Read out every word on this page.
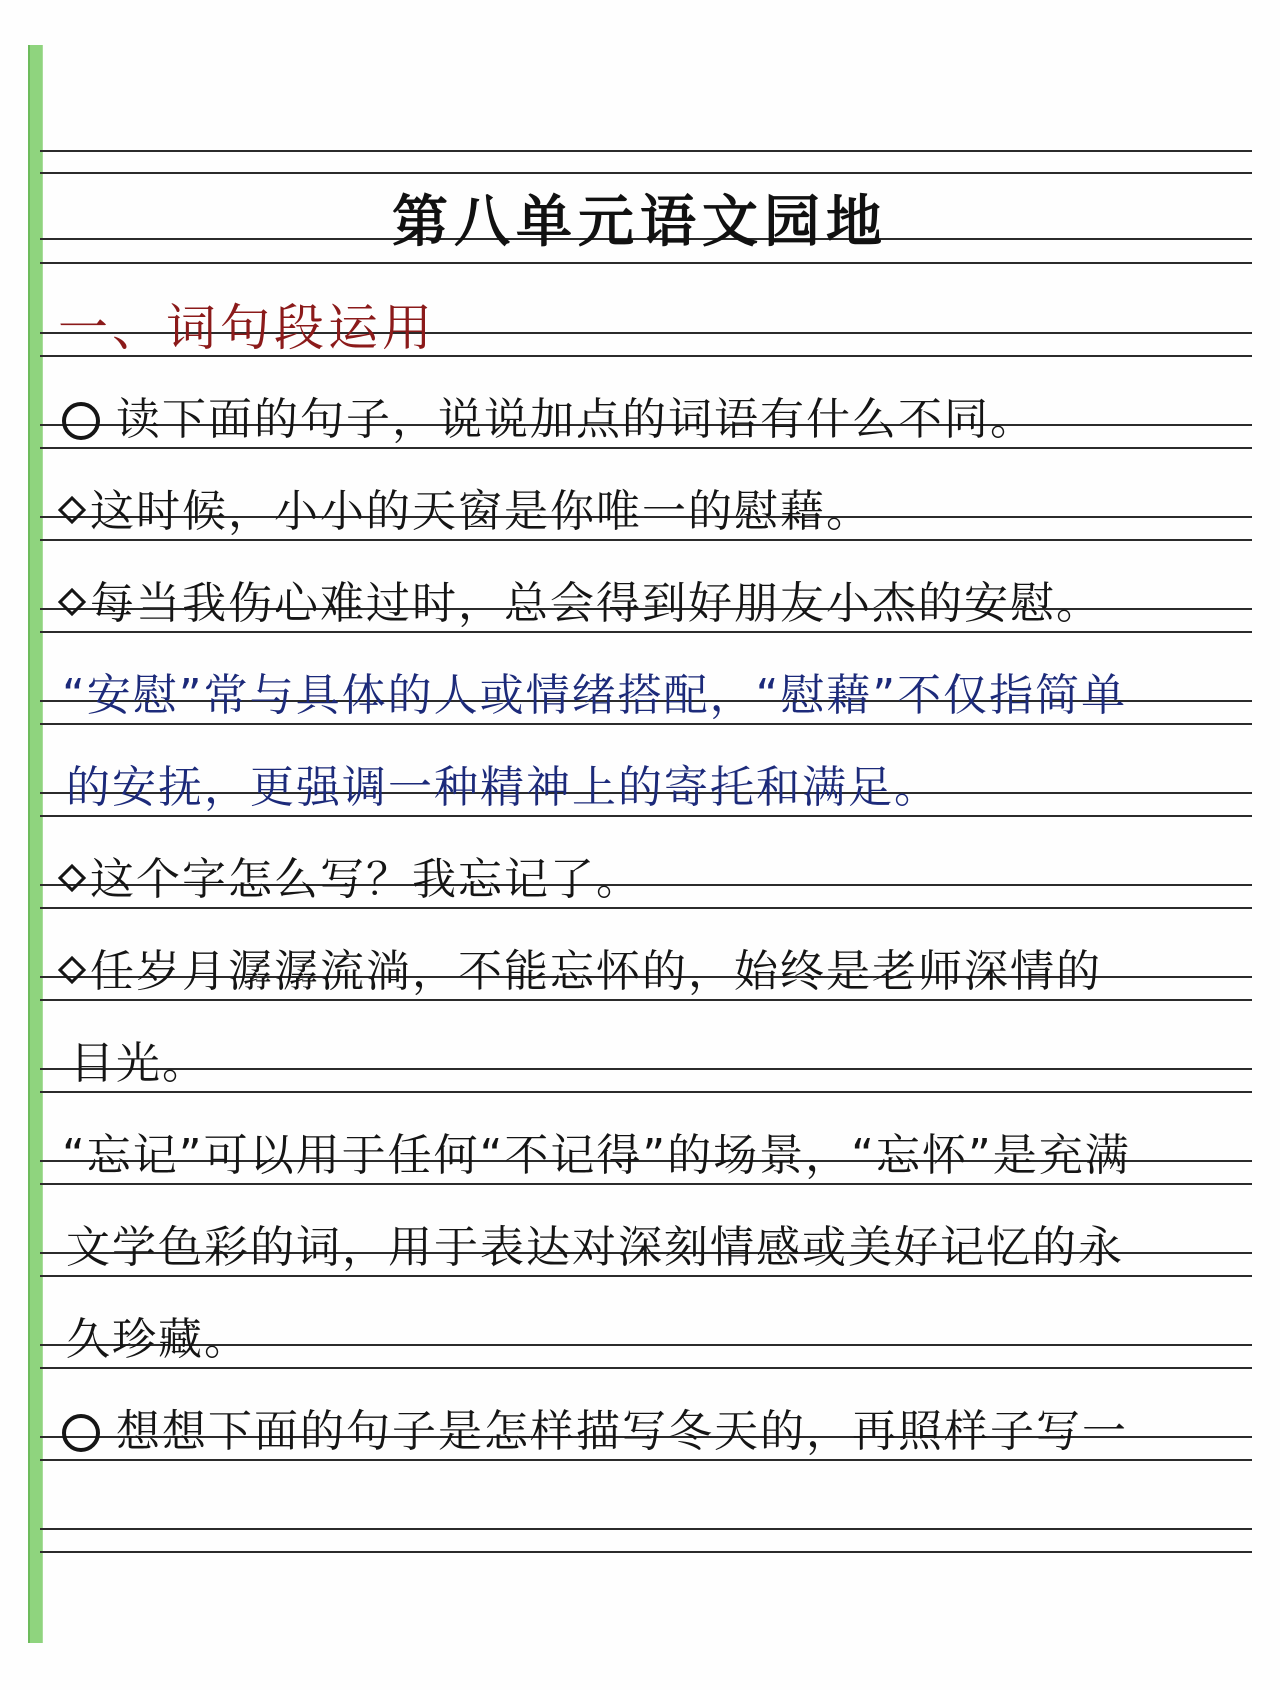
第八单元语文园地
一、词句段运用
读下面的句子，说说加点的词语有什么不同。
这时候，小小的天窗是你唯一的慰藉。
每当我伤心难过时，总会得到好朋友小杰的安慰。
“安慰”常与具体的人或情绪搭配，“慰藉”不仅指简单
的安抚，更强调一种精神上的寄托和满足。
这个字怎么写？我忘记了。
任岁月潺潺流淌，不能忘怀的，始终是老师深情的
目光。
“忘记”可以用于任何“不记得”的场景，“忘怀”是充满
文学色彩的词，用于表达对深刻情感或美好记忆的永
久珍藏。
想想下面的句子是怎样描写冬天的，再照样子写一
